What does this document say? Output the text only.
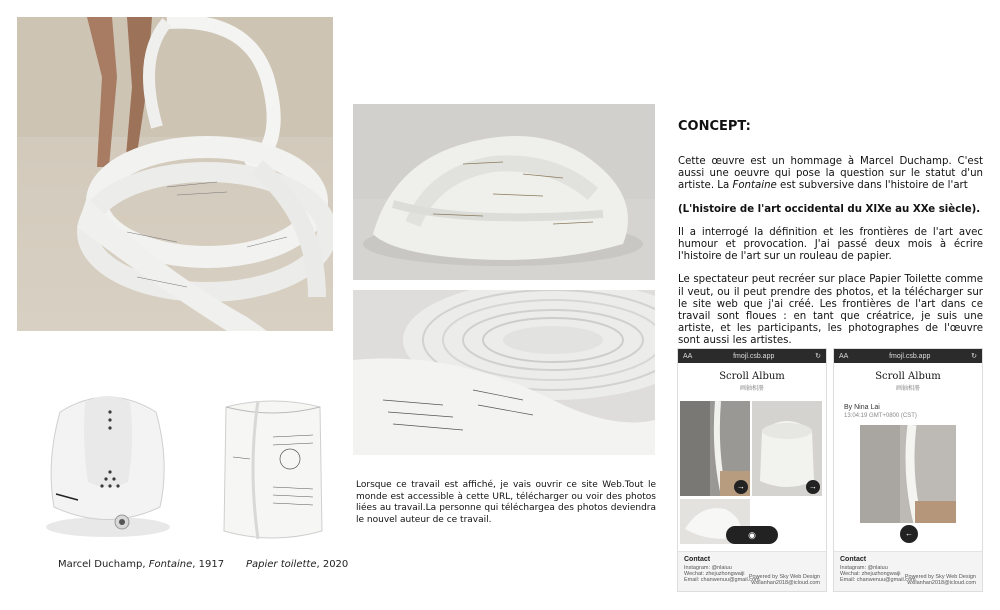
Marcel Duchamp, Fontaine, 1917 Papier toilette, 2020

Lorsque ce travail est affiché, je vais ouvrir ce site Web.Tout le monde est accessible à cette URL, télécharger ou voir des photos liées au travail.La personne qui téléchargea des photos deviendra le nouvel auteur de ce travail.

CONCEPT:

Cette œuvre est un hommage à Marcel Duchamp. C'est aussi une oeuvre qui pose la question sur le statut d'un artiste. La Fontaine est subversive dans l'histoire de l'art

(L'histoire de l'art occidental du XIXe au XXe siècle).

Il a interrogé la définition et les frontières de l'art avec humour et provocation. J'ai passé deux mois à écrire l'histoire de l'art sur un rouleau de papier.

Le spectateur peut recréer sur place Papier Toilette comme il veut, ou il peut prendre des photos, et la télécharger sur le site web que j'ai créé. Les frontières de l'art dans ce travail sont floues : en tant que créatrice, je suis une artiste, et les participants, les photographes de l'œuvre sont aussi les artistes.

AA	fmojl.csb.app	↻
Scroll Album
画轴相册
→	→
◉
Contact
Instagram: @nlaiuu
Wechat: zhejuzhongwaiji
Email: chanwenuu@gmail.com
Powered by Sky Web Design
wxilanhan2018@icloud.com
AA	fmojl.csb.app	↻
Scroll Album
画轴相册
By Nina Lai
13:04:19 GMT+0800 (CST)
←
Contact
Instagram: @nlaiuu
Wechat: zhejuzhongwaiji
Email: chanwenuu@gmail.com
Powered by Sky Web Design
wxilanhan2018@icloud.com
